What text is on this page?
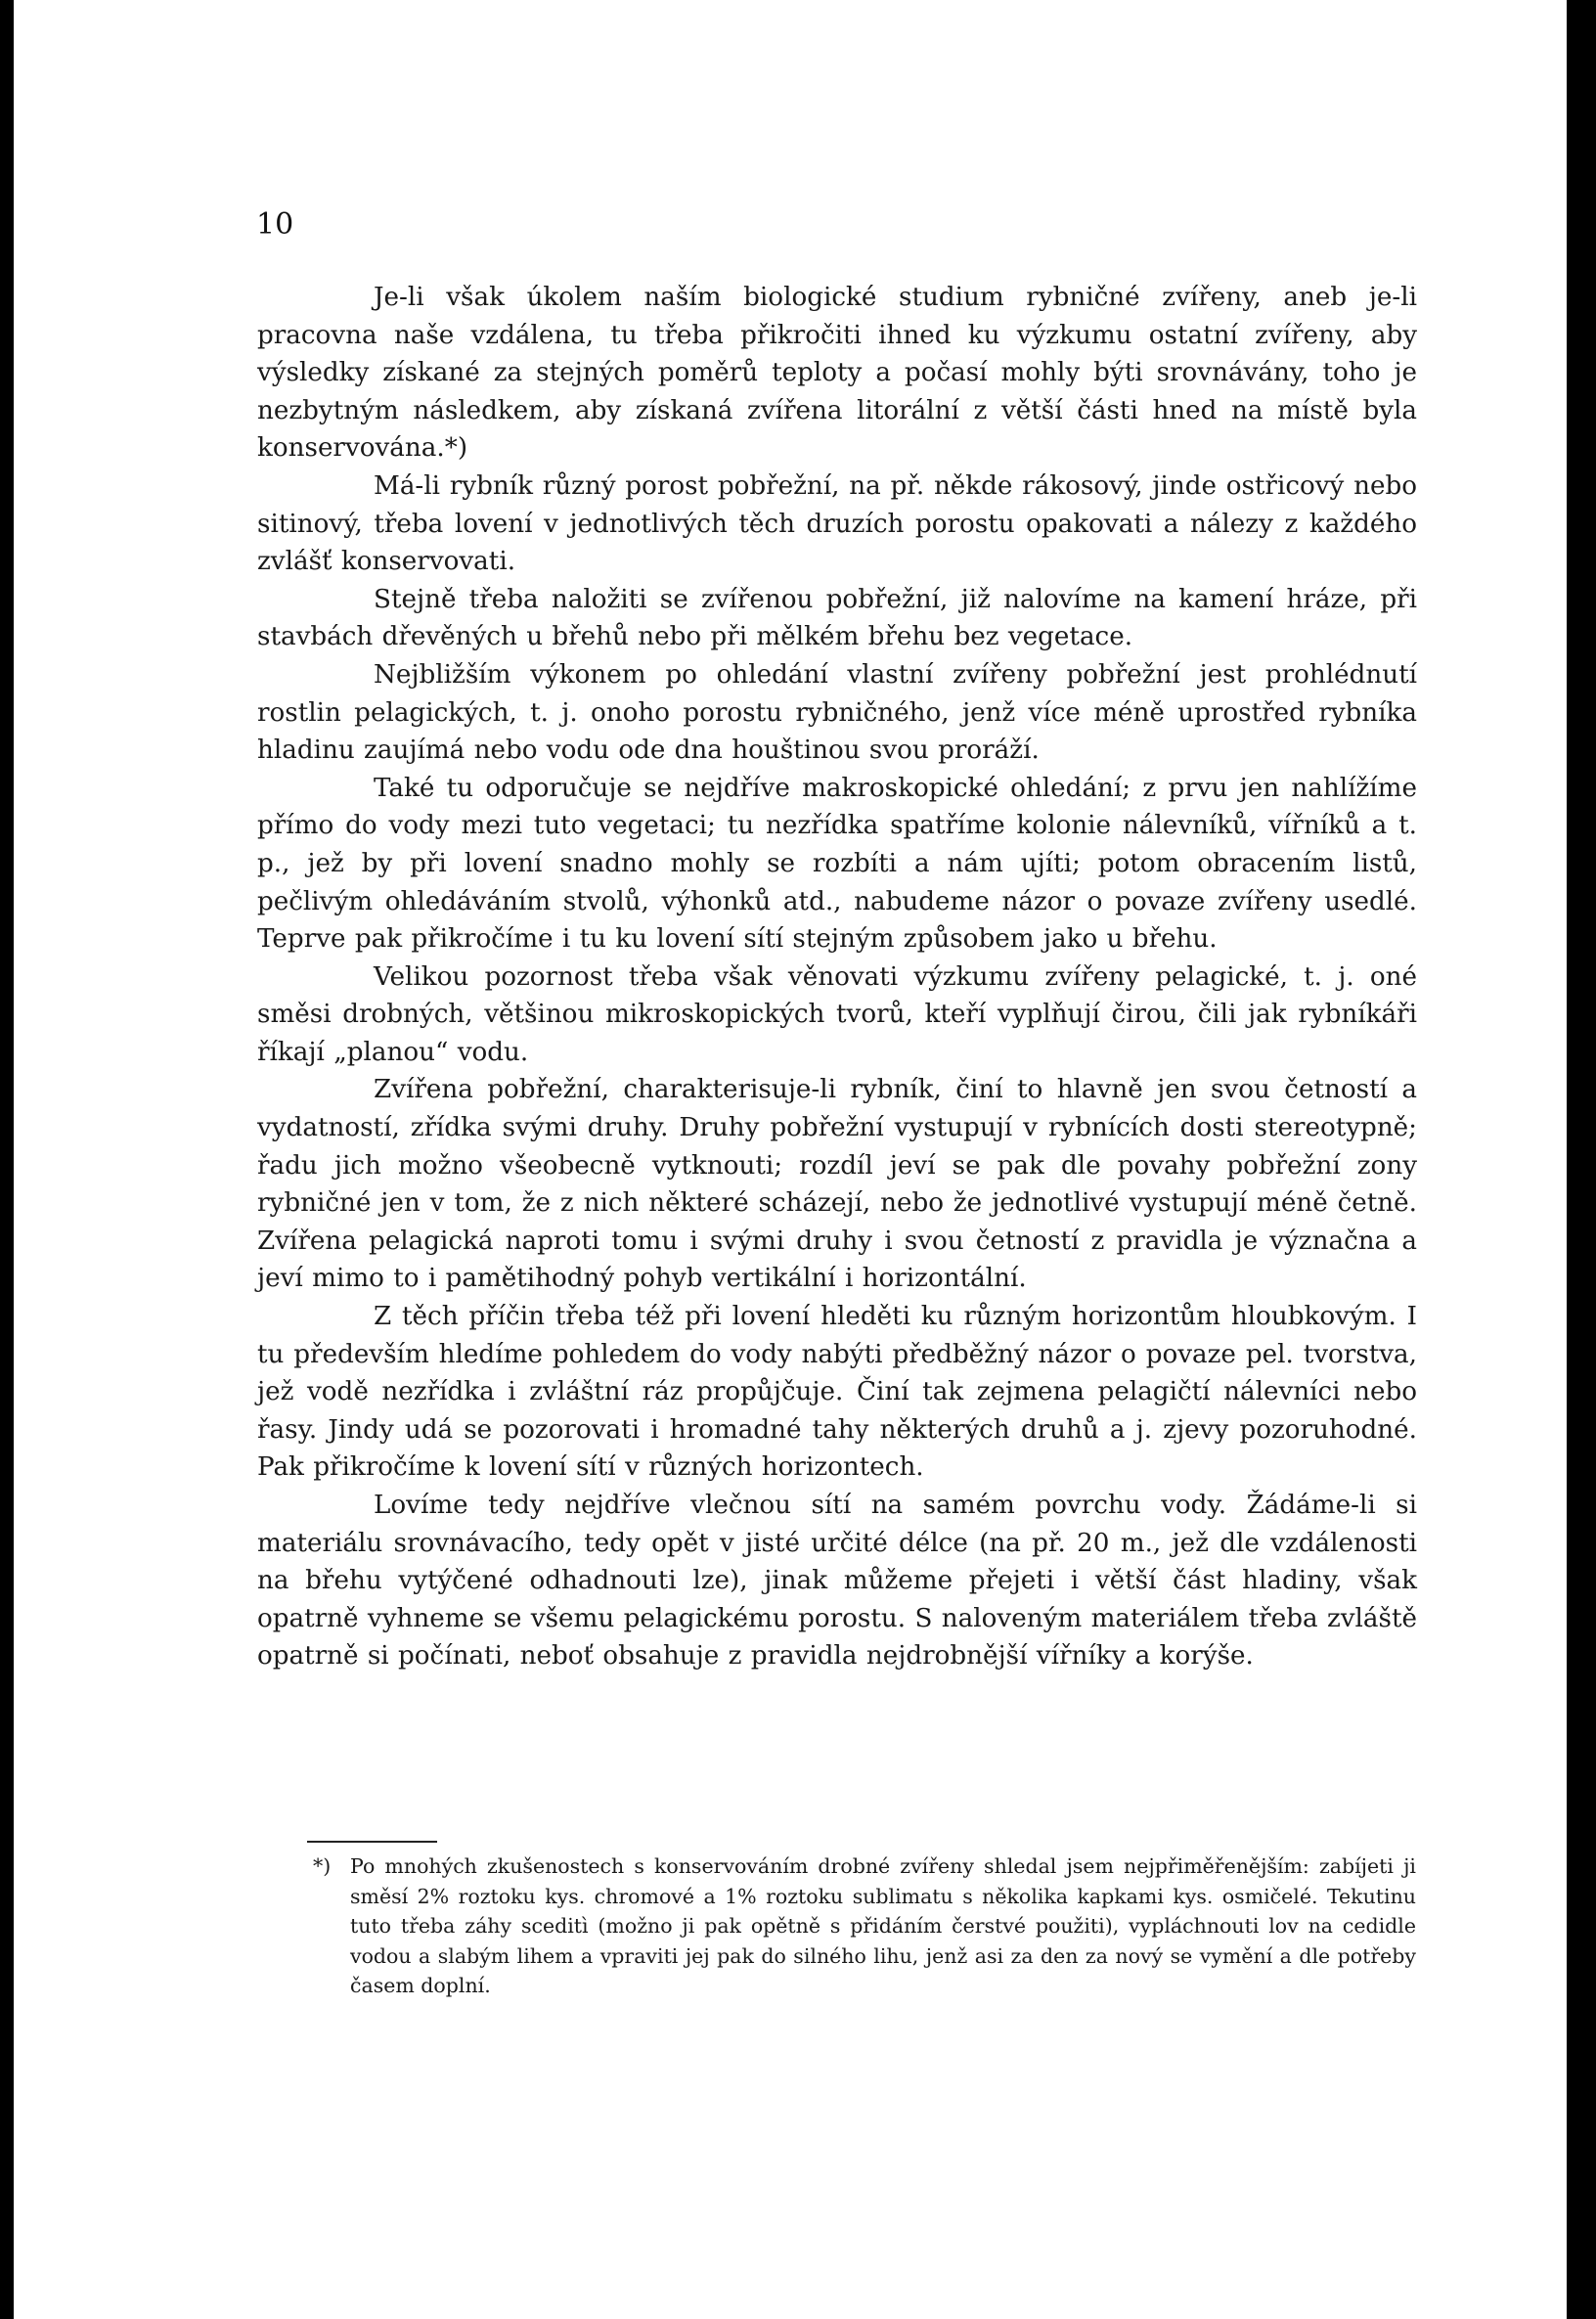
10

Je-li však úkolem naším biologické studium rybničné zvířeny, aneb je-li pracovna naše vzdálena, tu třeba přikročiti ihned ku výzkumu ostatní zvířeny, aby výsledky získané za stejných poměrů teploty a počasí mohly býti srovnávány, toho je nezbytným následkem, aby získaná zvířena litorální z větší části hned na místě byla konservována.*)

Má-li rybník různý porost pobřežní, na př. někde rákosový, jinde ostřicový nebo sitinový, třeba lovení v jednotlivých těch druzích porostu opakovati a nálezy z každého zvlášť konservovati.

Stejně třeba naložiti se zvířenou pobřežní, již nalovíme na kamení hráze, při stavbách dřevěných u břehů nebo při mělkém břehu bez vegetace.

Nejbližším výkonem po ohledání vlastní zvířeny pobřežní jest prohlédnutí rostlin pelagických, t. j. onoho porostu rybničného, jenž více méně uprostřed rybníka hladinu zaujímá nebo vodu ode dna houštinou svou proráží.

Také tu odporučuje se nejdříve makroskopické ohledání; z prvu jen nahlížíme přímo do vody mezi tuto vegetaci; tu nezřídka spatříme kolonie nálevníků, vířníků a t. p., jež by při lovení snadno mohly se rozbíti a nám ujíti; potom obracením listů, pečlivým ohledáváním stvolů, výhonků atd., nabudeme názor o povaze zvířeny usedlé. Teprve pak přikročíme i tu ku lovení sítí stejným způsobem jako u břehu.

Velikou pozornost třeba však věnovati výzkumu zvířeny pelagické, t. j. oné směsi drobných, většinou mikroskopických tvorů, kteří vyplňují čirou, čili jak rybníkáři říkají „planou“ vodu.

Zvířena pobřežní, charakterisuje-li rybník, činí to hlavně jen svou četností a vydatností, zřídka svými druhy. Druhy pobřežní vystupují v rybnících dosti stereotypně; řadu jich možno všeobecně vytknouti; rozdíl jeví se pak dle povahy pobřežní zony rybničné jen v tom, že z nich některé scházejí, nebo že jednotlivé vystupují méně četně. Zvířena pelagická naproti tomu i svými druhy i svou četností z pravidla je význačna a jeví mimo to i pamětihodný pohyb vertikální i horizontální.

Z těch příčin třeba též při lovení hleděti ku různým horizontům hloubkovým. I tu především hledíme pohledem do vody nabýti předběžný názor o povaze pel. tvorstva, jež vodě nezřídka i zvláštní ráz propůjčuje. Činí tak zejmena pelagičtí nálevníci nebo řasy. Jindy udá se pozorovati i hromadné tahy některých druhů a j. zjevy pozoruhodné. Pak přikročíme k lovení sítí v různých horizontech.

Lovíme tedy nejdříve vlečnou sítí na samém povrchu vody. Žádáme-li si materiálu srovnávacího, tedy opět v jisté určité délce (na př. 20 m., jež dle vzdálenosti na břehu vytýčené odhadnouti lze), jinak můžeme přejeti i větší část hladiny, však opatrně vyhneme se všemu pelagickému porostu. S naloveným materiálem třeba zvláště opatrně si počínati, neboť obsahuje z pravidla nejdrobnější vířníky a korýše.

*) Po mnohých zkušenostech s konservováním drobné zvířeny shledal jsem nejpřiměřenějším: zabíjeti ji směsí 2% roztoku kys. chromové a 1% roztoku sublimatu s několika kapkami kys. osmičelé. Tekutinu tuto třeba záhy sceditì (možno ji pak opětně s přidáním čerstvé použiti), vypláchnouti lov na cedidle vodou a slabým lihem a vpraviti jej pak do silného lihu, jenž asi za den za nový se vymění a dle potřeby časem doplní.
